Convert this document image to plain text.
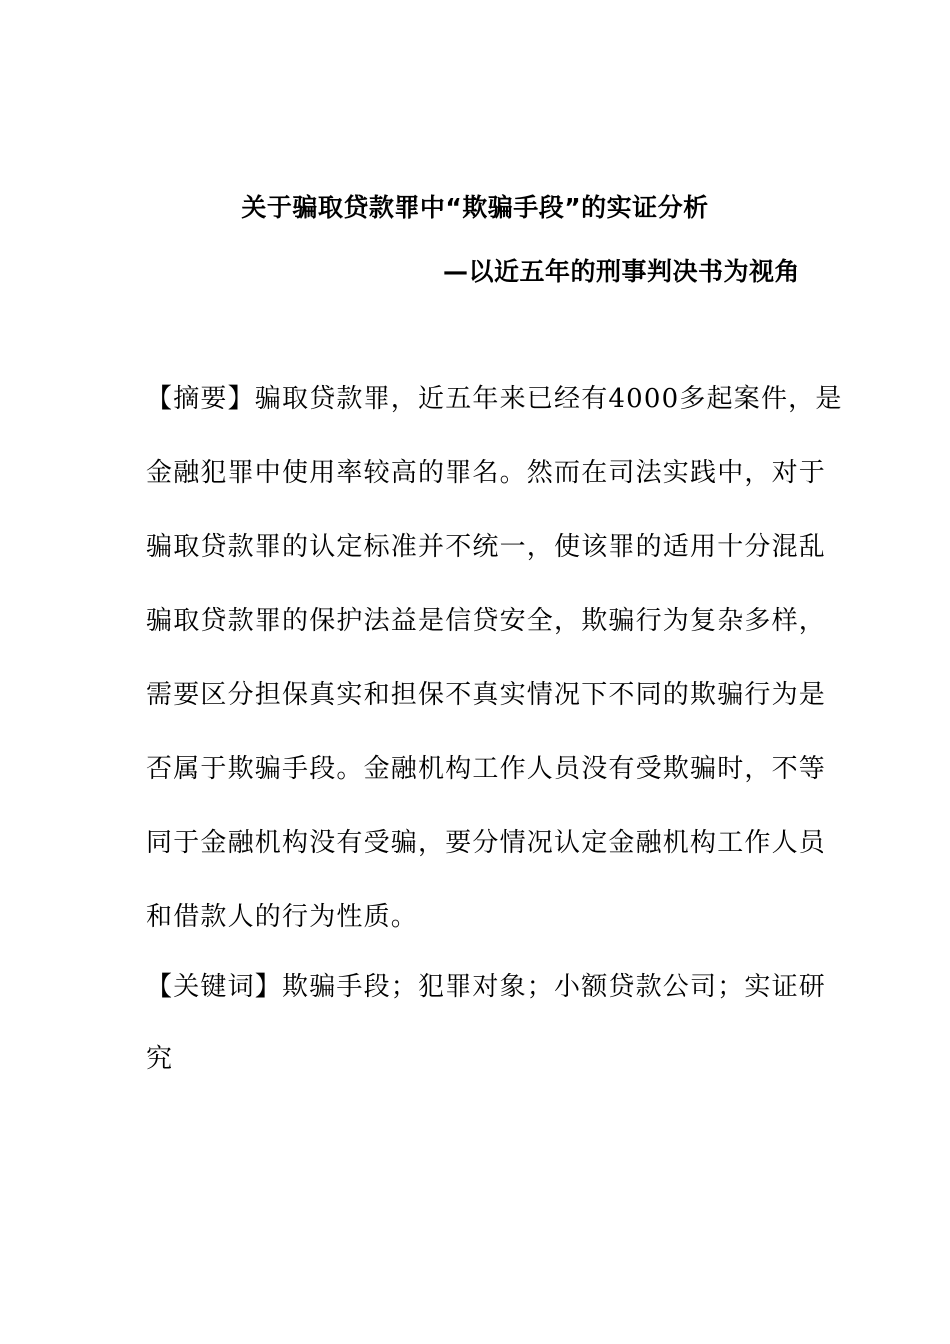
关于骗取贷款罪中“欺骗手段”的实证分析
—以近五年的刑事判决书为视角
【摘要】骗取贷款罪，近五年来已经有4000多起案件，是
金融犯罪中使用率较高的罪名。然而在司法实践中，对于
骗取贷款罪的认定标准并不统一，使该罪的适用十分混乱
骗取贷款罪的保护法益是信贷安全，欺骗行为复杂多样，
需要区分担保真实和担保不真实情况下不同的欺骗行为是
否属于欺骗手段。金融机构工作人员没有受欺骗时，不等
同于金融机构没有受骗，要分情况认定金融机构工作人员
和借款人的行为性质。
【关键词】欺骗手段；犯罪对象；小额贷款公司；实证研
究
